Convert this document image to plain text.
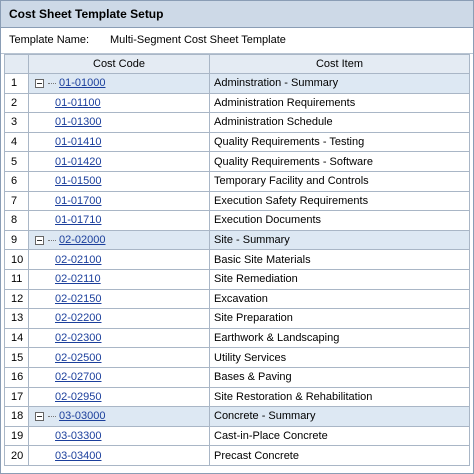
Cost Sheet Template Setup
Template Name: Multi-Segment Cost Sheet Template
	Cost Code	Cost Item
1	01-01000	Adminstration - Summary
2	01-01100	Administration Requirements
3	01-01300	Administration Schedule
4	01-01410	Quality Requirements - Testing
5	01-01420	Quality Requirements - Software
6	01-01500	Temporary Facility and Controls
7	01-01700	Execution Safety Requirements
8	01-01710	Execution Documents
9	02-02000	Site - Summary
10	02-02100	Basic Site Materials
11	02-02110	Site Remediation
12	02-02150	Excavation
13	02-02200	Site Preparation
14	02-02300	Earthwork & Landscaping
15	02-02500	Utility Services
16	02-02700	Bases & Paving
17	02-02950	Site Restoration & Rehabilitation
18	03-03000	Concrete - Summary
19	03-03300	Cast-in-Place Concrete
20	03-03400	Precast Concrete
